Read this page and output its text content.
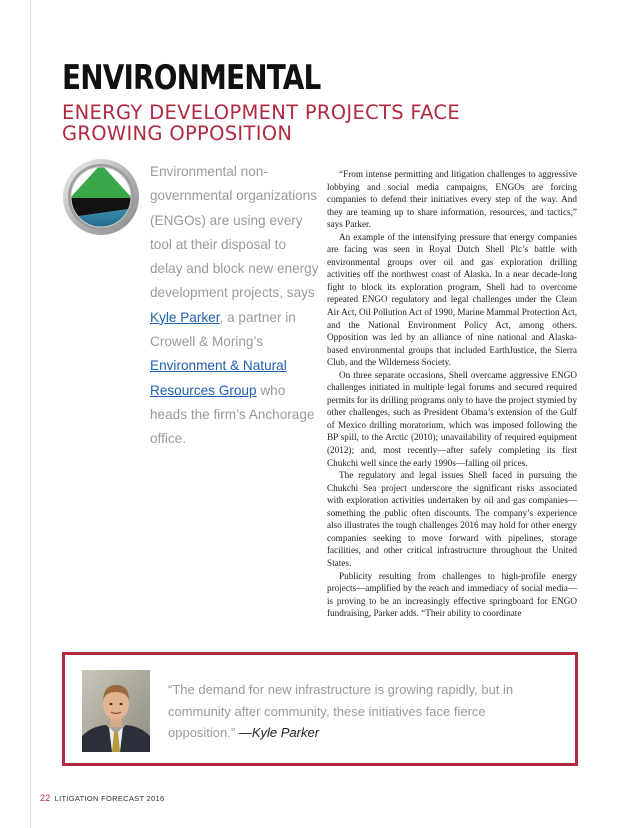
ENVIRONMENTAL
ENERGY DEVELOPMENT PROJECTS FACE GROWING OPPOSITION

Environmental non-governmental organizations (ENGOs) are using every tool at their disposal to delay and block new energy development projects, says Kyle Parker, a partner in Crowell & Moring’s Environment & Natural Resources Group who heads the firm’s Anchorage office.

“From intense permitting and litigation challenges to aggressive lobbying and social media campaigns, ENGOs are forcing companies to defend their initiatives every step of the way. And they are teaming up to share information, resources, and tactics,” says Parker.

An example of the intensifying pressure that energy companies are facing was seen in Royal Dutch Shell Plc’s battle with environmental groups over oil and gas exploration drilling activities off the northwest coast of Alaska. In a near decade-long fight to block its exploration program, Shell had to overcome repeated ENGO regulatory and legal challenges under the Clean Air Act, Oil Pollution Act of 1990, Marine Mammal Protection Act, and the National Environment Policy Act, among others. Opposition was led by an alliance of nine national and Alaska-based environmental groups that included EarthJustice, the Sierra Club, and the Wilderness Society.

On three separate occasions, Shell overcame aggressive ENGO challenges initiated in multiple legal forums and secured required permits for its drilling programs only to have the project stymied by other challenges, such as President Obama’s extension of the Gulf of Mexico drilling moratorium, which was imposed following the BP spill, to the Arctic (2010); unavailability of required equipment (2012); and, most recently—after safely completing its first Chukchi well since the early 1990s—falling oil prices.

The regulatory and legal issues Shell faced in pursuing the Chukchi Sea project underscore the significant risks associated with exploration activities undertaken by oil and gas companies—something the public often discounts. The company’s experience also illustrates the tough challenges 2016 may hold for other energy companies seeking to move forward with pipelines, storage facilities, and other critical infrastructure throughout the United States.

Publicity resulting from challenges to high-profile energy projects—amplified by the reach and immediacy of social media—is proving to be an increasingly effective springboard for ENGO fundraising, Parker adds. “Their ability to coordinate

“The demand for new infrastructure is growing rapidly, but in community after community, these initiatives face fierce opposition.” —Kyle Parker

22 LITIGATION FORECAST 2016
